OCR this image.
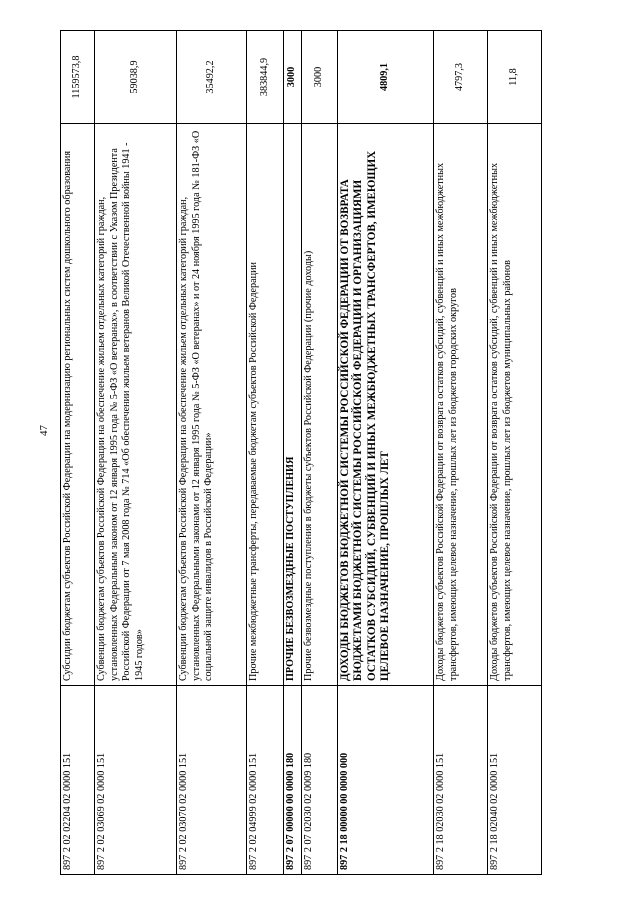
47
897 2 02 02204 02 0000 151	Субсидии бюджетам субъектов Российской Федерации на модернизацию региональных систем дошкольного образования	1159573,8
897 2 02 03069 02 0000 151	Субвенции бюджетам субъектов Российской Федерации на обеспечение жильем отдельных категорий граждан, установленных Федеральным законом от 12 января 1995 года № 5-ФЗ «О ветеранах», в соответствии с Указом Президента Российской Федерации от 7 мая 2008 года № 714 «Об обеспечении жильем ветеранов Великой Отечественной войны 1941 - 1945 годов»	59038,9
897 2 02 03070 02 0000 151	Субвенции бюджетам субъектов Российской Федерации на обеспечение жильем отдельных категорий граждан, установленных Федеральными законами от 12 января 1995 года № 5-ФЗ «О ветеранах» и от 24 ноября 1995 года № 181-ФЗ «О социальной защите инвалидов в Российской Федерации»	35492,2
897 2 02 04999 02 0000 151	Прочие межбюджетные трансферты, передаваемые бюджетам субъектов Российской Федерации	383844,9
897 2 07 00000 00 0000 180	ПРОЧИЕ БЕЗВОЗМЕЗДНЫЕ ПОСТУПЛЕНИЯ	3000
897 2 07 02030 02 0009 180	Прочие безвозмездные поступления в бюджеты субъектов Российской Федерации (прочие доходы)	3000
897 2 18 00000 00 0000 000	ДОХОДЫ БЮДЖЕТОВ БЮДЖЕТНОЙ СИСТЕМЫ РОССИЙСКОЙ ФЕДЕРАЦИИ ОТ ВОЗВРАТА БЮДЖЕТАМИ БЮДЖЕТНОЙ СИСТЕМЫ РОССИЙСКОЙ ФЕДЕРАЦИИ И ОРГАНИЗАЦИЯМИ ОСТАТКОВ СУБСИДИЙ, СУБВЕНЦИЙ И ИНЫХ МЕЖБЮДЖЕТНЫХ ТРАНСФЕРТОВ, ИМЕЮЩИХ ЦЕЛЕВОЕ НАЗНАЧЕНИЕ, ПРОШЛЫХ ЛЕТ	4809,1
897 2 18 02030 02 0000 151	Доходы бюджетов субъектов Российской Федерации от возврата остатков субсидий, субвенций и иных межбюджетных трансфертов, имеющих целевое назначение, прошлых лет из бюджетов городских округов	4797,3
897 2 18 02040 02 0000 151	Доходы бюджетов субъектов Российской Федерации от возврата остатков субсидий, субвенций и иных межбюджетных трансфертов, имеющих целевое назначение, прошлых лет из бюджетов муниципальных районов	11,8
